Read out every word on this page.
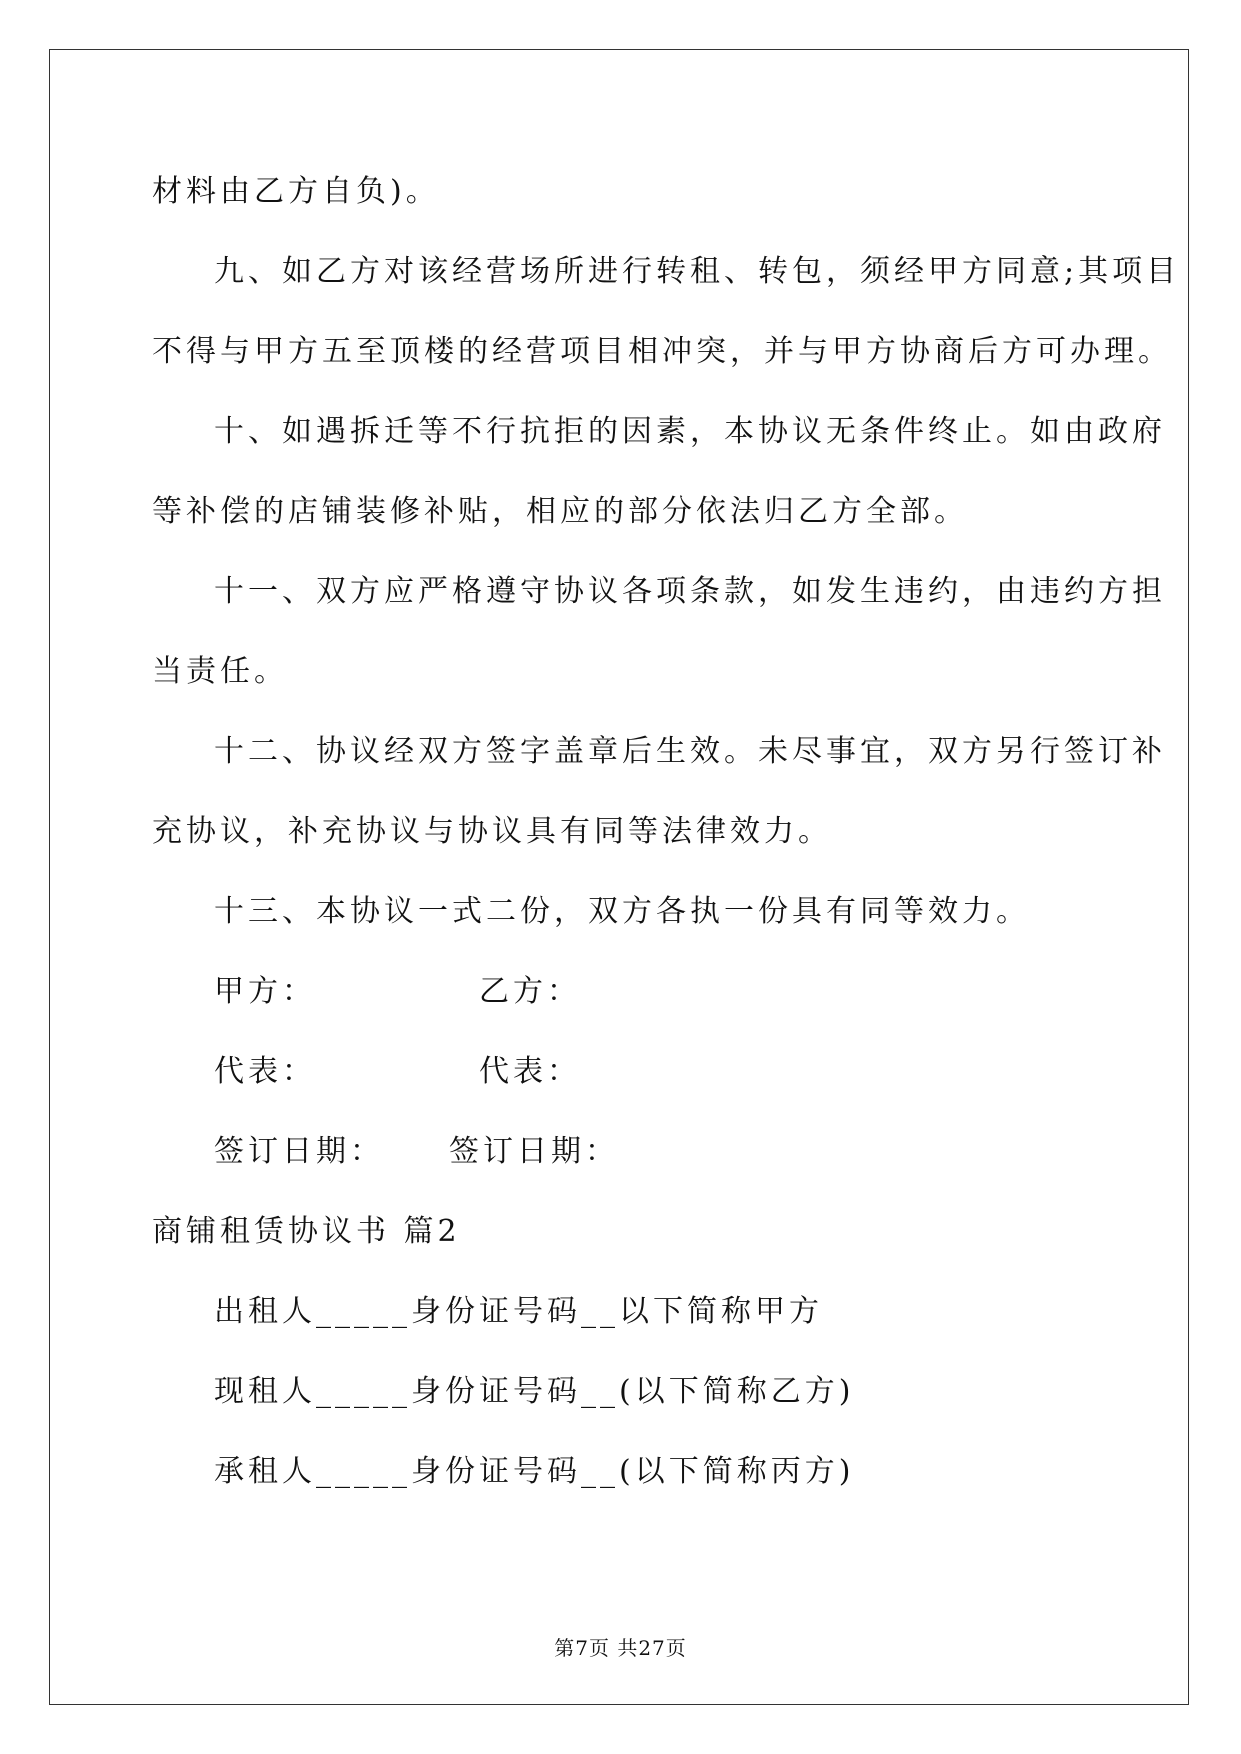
材料由乙方自负)。
九、如乙方对该经营场所进行转租、转包，须经甲方同意;其项目
不得与甲方五至顶楼的经营项目相冲突，并与甲方协商后方可办理。
十、如遇拆迁等不行抗拒的因素，本协议无条件终止。如由政府
等补偿的店铺装修补贴，相应的部分依法归乙方全部。
十一、双方应严格遵守协议各项条款，如发生违约，由违约方担
当责任。
十二、协议经双方签字盖章后生效。未尽事宜，双方另行签订补
充协议，补充协议与协议具有同等法律效力。
十三、本协议一式二份，双方各执一份具有同等效力。
甲方：	乙方：
代表：	代表：
签订日期： 签订日期：
商铺租赁协议书 篇2
出租人_____身份证号码__以下简称甲方
现租人_____身份证号码__(以下简称乙方)
承租人_____身份证号码__(以下简称丙方)
第7页 共27页
